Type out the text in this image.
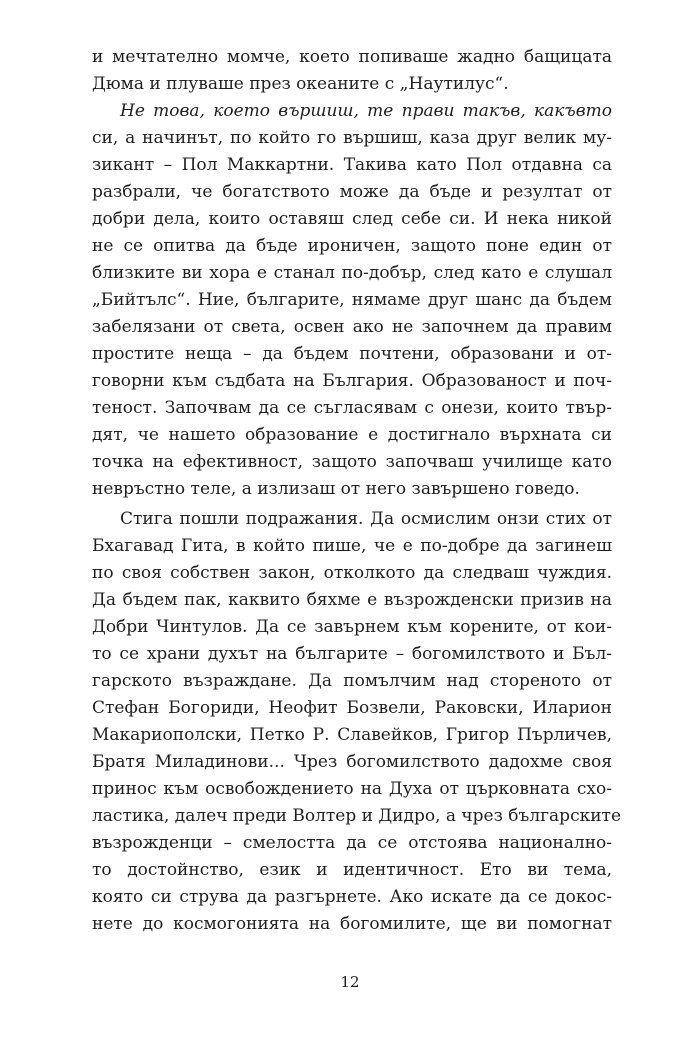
и мечтателно момче, което попиваше жадно бащицата
Дюма и плуваше през океаните с „Наутилус“.
Не това, което вършиш, те прави такъв, какъвто
си, а начинът, по който го вършиш, каза друг велик му-
зикант – Пол Маккартни. Такива като Пол отдавна са
разбрали, че богатството може да бъде и резултат от
добри дела, които оставяш след себе си. И нека никой
не се опитва да бъде ироничен, защото поне един от
близките ви хора е станал по-добър, след като е слушал
„Бийтълс“. Ние, българите, нямаме друг шанс да бъдем
забелязани от света, освен ако не започнем да правим
простите неща – да бъдем почтени, образовани и от-
говорни към съдбата на България. Образованост и поч-
теност. Започвам да се съгласявам с онези, които твър-
дят, че нашето образование е достигнало върхната си
точка на ефективност, защото започваш училище като
невръстно теле, а излизаш от него завършено говедо.
Стига пошли подражания. Да осмислим онзи стих от
Бхагавад Гита, в който пише, че е по-добре да загинеш
по своя собствен закон, отколкото да следваш чуждия.
Да бъдем пак, каквито бяхме е възрожденски призив на
Добри Чинтулов. Да се завърнем към корените, от кои-
то се храни духът на българите – богомилството и Бъл-
гарското възраждане. Да помълчим над стореното от
Стефан Богориди, Неофит Бозвели, Раковски, Иларион
Макариополски, Петко Р. Славейков, Григор Пърличев,
Братя Миладинови... Чрез богомилството дадохме своя
принос към освобождението на Духа от църковната схо-
ластика, далеч преди Волтер и Дидро, а чрез българските
възрожденци – смелостта да се отстоява национално-
то достойнство, език и идентичност. Ето ви тема,
която си струва да разгърнете. Ако искате да се докос-
нете до космогонията на богомилите, ще ви помогнат
12
